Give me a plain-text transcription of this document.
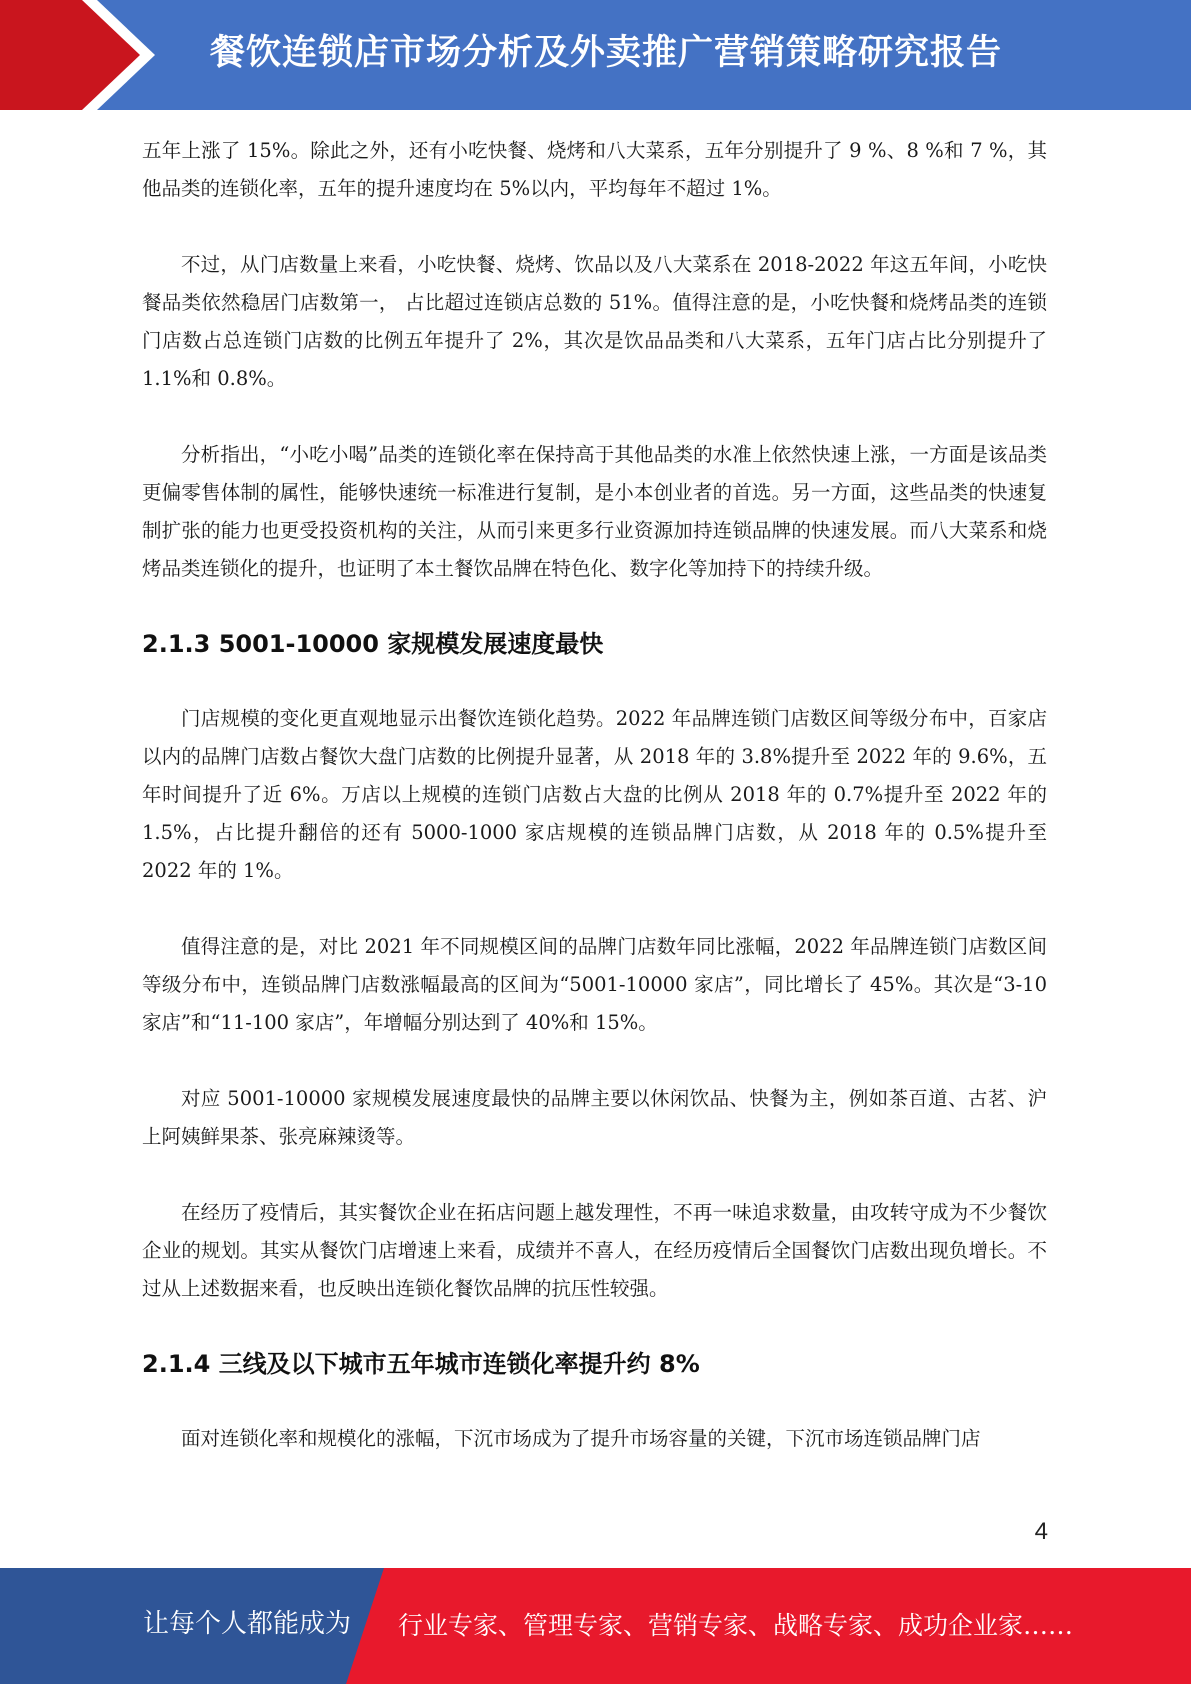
餐饮连锁店市场分析及外卖推广营销策略研究报告

五年上涨了 15%。除此之外，还有小吃快餐、烧烤和八大菜系，五年分别提升了 9 %、8 %和 7 %，其他品类的连锁化率，五年的提升速度均在 5%以内，平均每年不超过 1%。

不过，从门店数量上来看，小吃快餐、烧烤、饮品以及八大菜系在 2018-2022 年这五年间，小吃快餐品类依然稳居门店数第一， 占比超过连锁店总数的 51%。值得注意的是，小吃快餐和烧烤品类的连锁门店数占总连锁门店数的比例五年提升了 2%，其次是饮品品类和八大菜系，五年门店占比分别提升了 1.1%和 0.8%。

分析指出，“小吃小喝”品类的连锁化率在保持高于其他品类的水准上依然快速上涨，一方面是该品类更偏零售体制的属性，能够快速统一标准进行复制，是小本创业者的首选。另一方面，这些品类的快速复制扩张的能力也更受投资机构的关注，从而引来更多行业资源加持连锁品牌的快速发展。而八大菜系和烧烤品类连锁化的提升，也证明了本土餐饮品牌在特色化、数字化等加持下的持续升级。

2.1.3 5001-10000 家规模发展速度最快

门店规模的变化更直观地显示出餐饮连锁化趋势。2022 年品牌连锁门店数区间等级分布中，百家店以内的品牌门店数占餐饮大盘门店数的比例提升显著，从 2018 年的 3.8%提升至 2022 年的 9.6%，五年时间提升了近 6%。万店以上规模的连锁门店数占大盘的比例从 2018 年的 0.7%提升至 2022 年的 1.5%，占比提升翻倍的还有 5000-1000 家店规模的连锁品牌门店数，从 2018 年的 0.5%提升至 2022 年的 1%。

值得注意的是，对比 2021 年不同规模区间的品牌门店数年同比涨幅，2022 年品牌连锁门店数区间等级分布中，连锁品牌门店数涨幅最高的区间为“5001-10000 家店”，同比增长了 45%。其次是“3-10 家店”和“11-100 家店”，年增幅分别达到了 40%和 15%。

对应 5001-10000 家规模发展速度最快的品牌主要以休闲饮品、快餐为主，例如茶百道、古茗、沪上阿姨鲜果茶、张亮麻辣烫等。

在经历了疫情后，其实餐饮企业在拓店问题上越发理性，不再一味追求数量，由攻转守成为不少餐饮企业的规划。其实从餐饮门店增速上来看，成绩并不喜人，在经历疫情后全国餐饮门店数出现负增长。不过从上述数据来看，也反映出连锁化餐饮品牌的抗压性较强。

2.1.4 三线及以下城市五年城市连锁化率提升约 8%

面对连锁化率和规模化的涨幅，下沉市场成为了提升市场容量的关键，下沉市场连锁品牌门店

4
让每个人都能成为 行业专家、管理专家、营销专家、战略专家、成功企业家……
